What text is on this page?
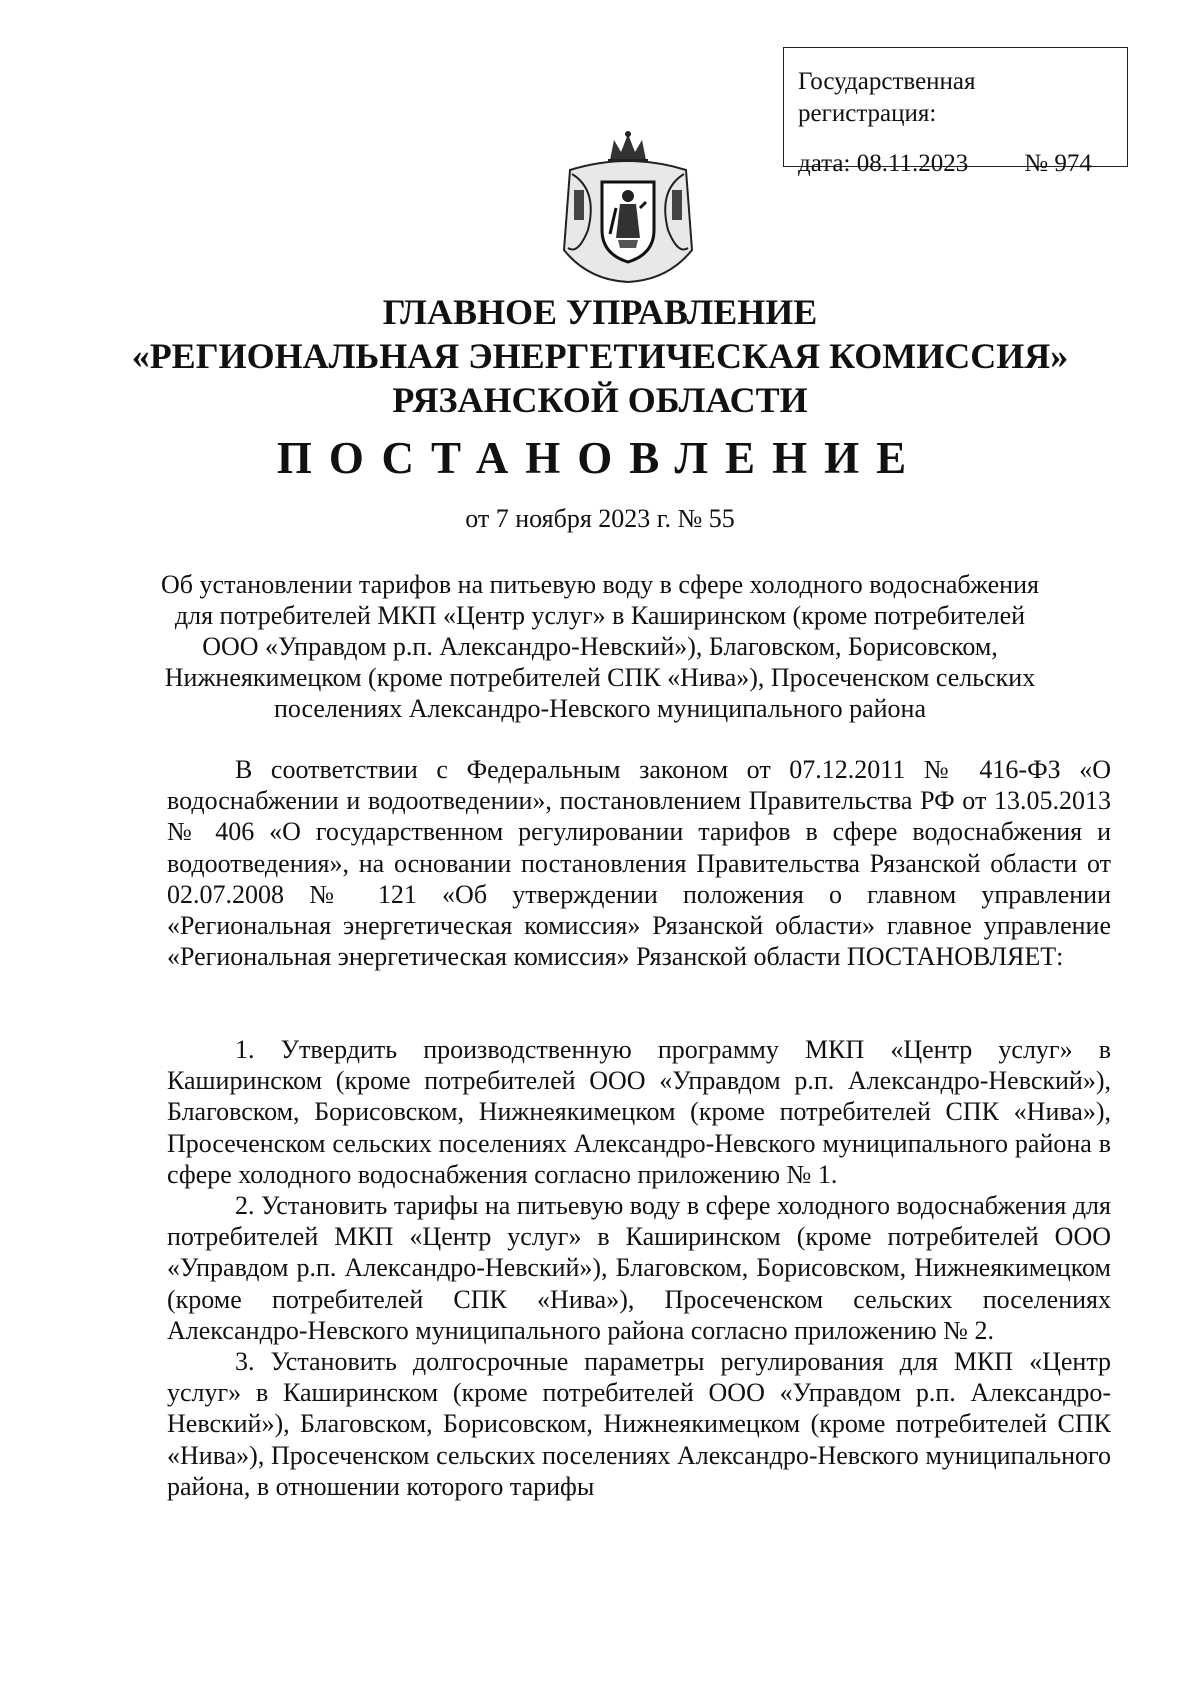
Государственная регистрация:
дата: 08.11.2023 № 974
ГЛАВНОЕ УПРАВЛЕНИЕ
«РЕГИОНАЛЬНАЯ ЭНЕРГЕТИЧЕСКАЯ КОМИССИЯ»
РЯЗАНСКОЙ ОБЛАСТИ
ПОСТАНОВЛЕНИЕ
от 7 ноября 2023 г. № 55
Об установлении тарифов на питьевую воду в сфере холодного водоснабжения для потребителей МКП «Центр услуг» в Каширинском (кроме потребителей ООО «Управдом р.п. Александро-Невский»), Благовском, Борисовском, Нижнеякимецком (кроме потребителей СПК «Нива»), Просеченском сельских поселениях Александро-Невского муниципального района

В соответствии с Федеральным законом от 07.12.2011 № 416-ФЗ «О водоснабжении и водоотведении», постановлением Правительства РФ от 13.05.2013 № 406 «О государственном регулировании тарифов в сфере водоснабжения и водоотведения», на основании постановления Правительства Рязанской области от 02.07.2008 № 121 «Об утверждении положения о главном управлении «Региональная энергетическая комиссия» Рязанской области» главное управление «Региональная энергетическая комиссия» Рязанской области ПОСТАНОВЛЯЕТ:

1. Утвердить производственную программу МКП «Центр услуг» в Каширинском (кроме потребителей ООО «Управдом р.п. Александро-Невский»), Благовском, Борисовском, Нижнеякимецком (кроме потребителей СПК «Нива»), Просеченском сельских поселениях Александро-Невского муниципального района в сфере холодного водоснабжения согласно приложению № 1.

2. Установить тарифы на питьевую воду в сфере холодного водоснабжения для потребителей МКП «Центр услуг» в Каширинском (кроме потребителей ООО «Управдом р.п. Александро-Невский»), Благовском, Борисовском, Нижнеякимецком (кроме потребителей СПК «Нива»), Просеченском сельских поселениях Александро-Невского муниципального района согласно приложению № 2.

3. Установить долгосрочные параметры регулирования для МКП «Центр услуг» в Каширинском (кроме потребителей ООО «Управдом р.п. Александро-Невский»), Благовском, Борисовском, Нижнеякимецком (кроме потребителей СПК «Нива»), Просеченском сельских поселениях Александро-Невского муниципального района, в отношении которого тарифы
